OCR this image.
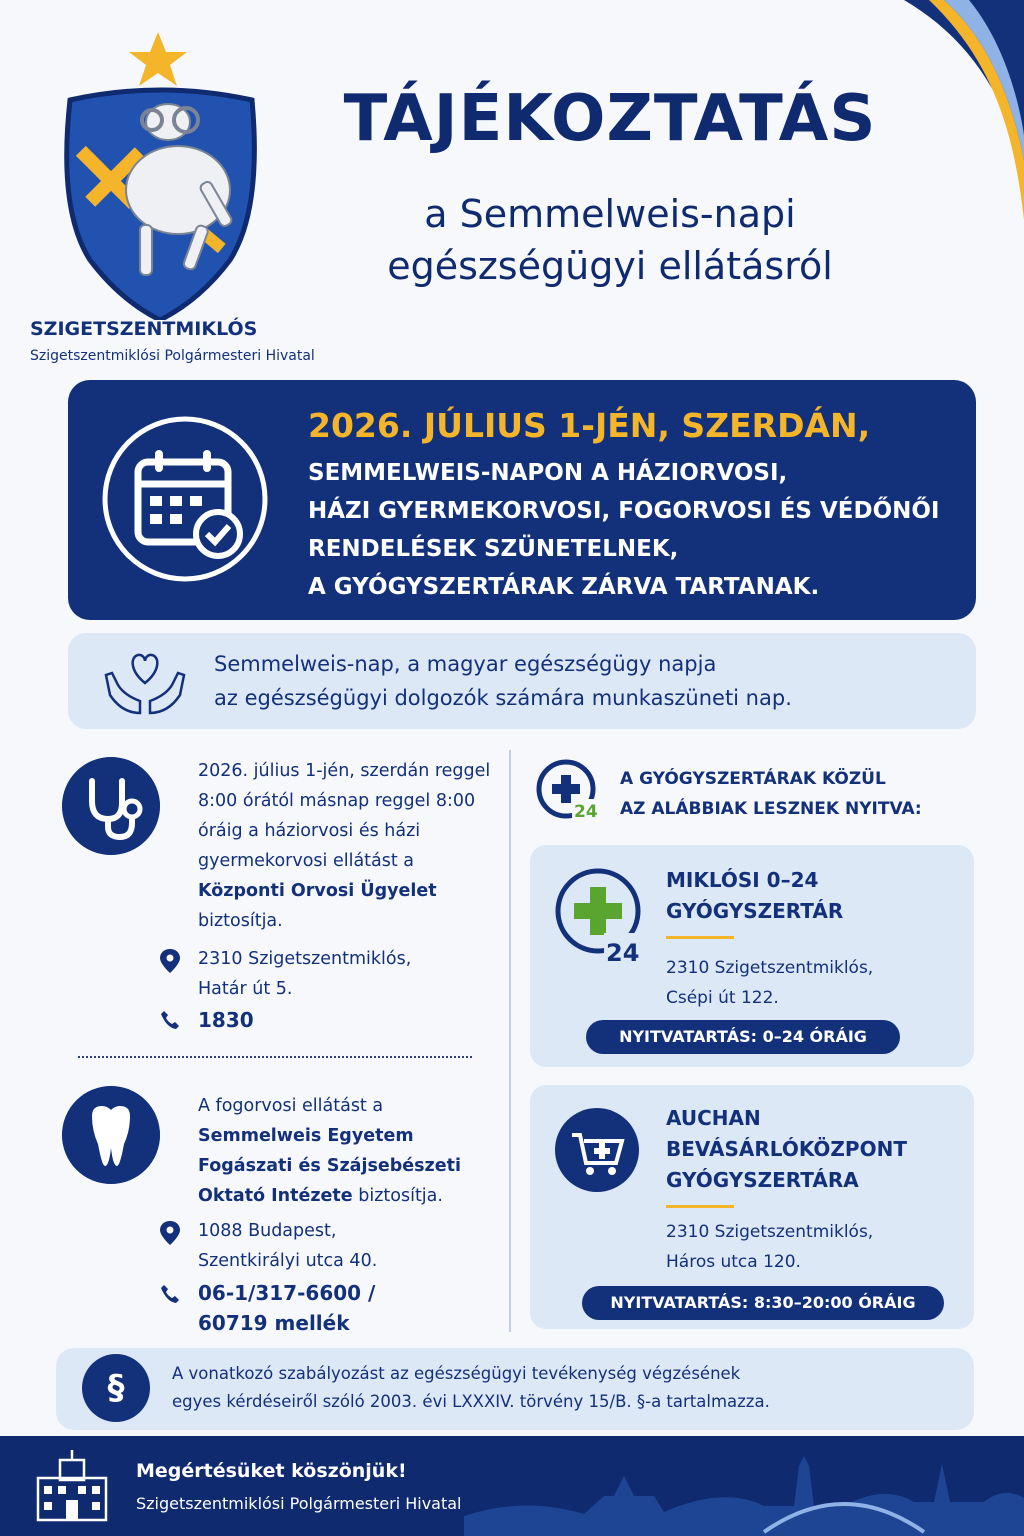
SZIGETSZENTMIKLÓS
Szigetszentmiklósi Polgármesteri Hivatal
TÁJÉKOZTATÁS
a Semmelweis-napi
egészségügyi ellátásról
2026. JÚLIUS 1-JÉN, SZERDÁN,
SEMMELWEIS-NAPON A HÁZIORVOSI,
HÁZI GYERMEKORVOSI, FOGORVOSI ÉS VÉDŐNŐI
RENDELÉSEK SZÜNETELNEK,
A GYÓGYSZERTÁRAK ZÁRVA TARTANAK.
Semmelweis-nap, a magyar egészségügy napja
az egészségügyi dolgozók számára munkaszüneti nap.
2026. július 1-jén, szerdán reggel 8:00 órától másnap reggel 8:00 óráig a háziorvosi és házi gyermekorvosi ellátást a Központi Orvosi Ügyelet biztosítja.
2310 Szigetszentmiklós,
Határ út 5.
1830
A fogorvosi ellátást a Semmelweis Egyetem Fogászati és Szájsebészeti Oktató Intézete biztosítja.
1088 Budapest,
Szentkirályi utca 40.
06-1/317-6600 /
60719 mellék
24
A GYÓGYSZERTÁRAK KÖZÜL
AZ ALÁBBIAK LESZNEK NYITVA:
24
MIKLÓSI 0–24
GYÓGYSZERTÁR
2310 Szigetszentmiklós,
Csépi út 122.
NYITVATARTÁS: 0–24 ÓRÁIG
AUCHAN
BEVÁSÁRLÓKÖZPONT
GYÓGYSZERTÁRA
2310 Szigetszentmiklós,
Háros utca 120.
NYITVATARTÁS: 8:30–20:00 ÓRÁIG
§	A vonatkozó szabályozást az egészségügyi tevékenység végzésének
egyes kérdéseiről szóló 2003. évi LXXXIV. törvény 15/B. §-a tartalmazza.
Megértésüket köszönjük!
Szigetszentmiklósi Polgármesteri Hivatal
